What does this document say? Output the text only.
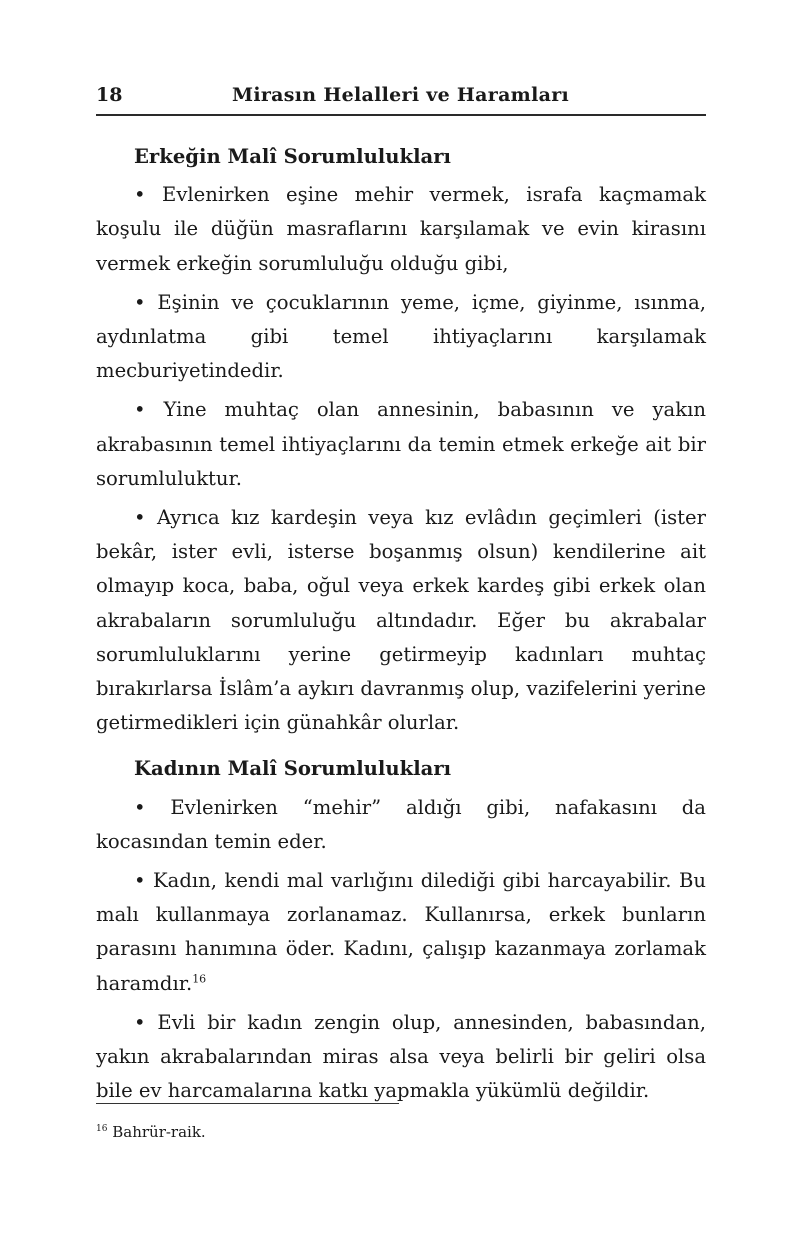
18	Mirasın Helalleri ve Haramları
Erkeğin Malî Sorumlulukları

• Evlenirken eşine mehir vermek, israfa kaçmamak koşulu ile düğün masraflarını karşılamak ve evin kirasını vermek erkeğin sorumluluğu olduğu gibi,

• Eşinin ve çocuklarının yeme, içme, giyinme, ısınma, aydınlatma gibi temel ihtiyaçlarını karşılamak mecburiyetindedir.

• Yine muhtaç olan annesinin, babasının ve yakın akrabasının temel ihtiyaçlarını da temin etmek erkeğe ait bir sorumluluktur.

• Ayrıca kız kardeşin veya kız evlâdın geçimleri (ister bekâr, ister evli, isterse boşanmış olsun) kendilerine ait olmayıp koca, baba, oğul veya erkek kardeş gibi erkek olan akrabaların sorumluluğu altındadır. Eğer bu akrabalar sorumluluklarını yerine getirmeyip kadınları muhtaç bırakırlarsa İslâm’a aykırı davranmış olup, vazifelerini yerine getirmedikleri için günahkâr olurlar.

Kadının Malî Sorumlulukları

• Evlenirken “mehir” aldığı gibi, nafakasını da kocasından temin eder.

• Kadın, kendi mal varlığını dilediği gibi harcayabilir. Bu malı kullanmaya zorlanamaz. Kullanırsa, erkek bunların parasını hanımına öder. Kadını, çalışıp kazanmaya zorlamak haramdır.$^{16}$

• Evli bir kadın zengin olup, annesinden, babasından, yakın akrabalarından miras alsa veya belirli bir geliri olsa bile ev harcamalarına katkı yapmakla yükümlü değildir.

$^{16}$ Bahrür-raik.
